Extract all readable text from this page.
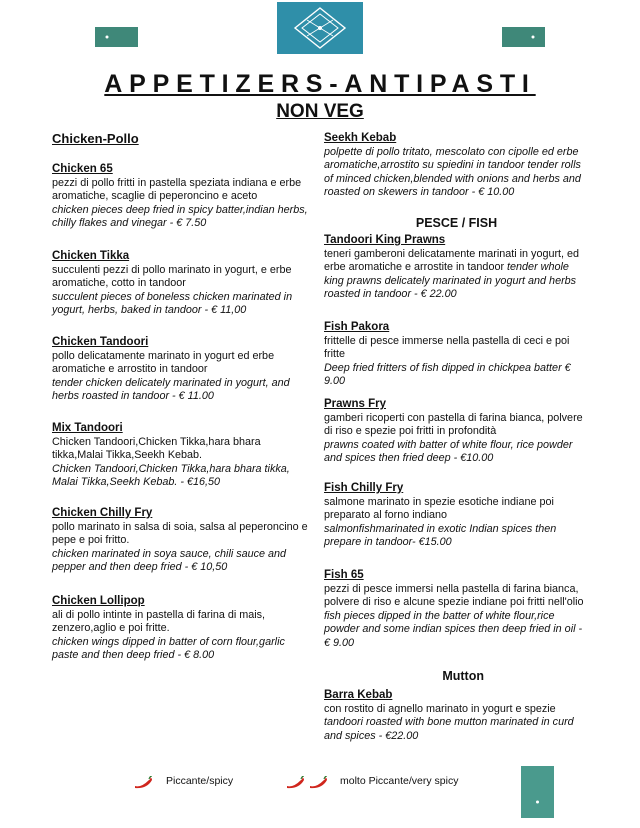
APPETIZERS-ANTIPASTI
NON VEG
Chicken-Pollo
Chicken 65
pezzi di pollo fritti in pastella speziata indiana e erbe aromatiche, scaglie di peperoncino e aceto
chicken pieces deep fried in spicy batter,indian herbs, chilly flakes and vinegar - € 7.50
Chicken Tikka
succulenti pezzi di pollo marinato in yogurt, e erbe aromatiche, cotto in tandoor
succulent pieces of boneless chicken marinated in yogurt, herbs, baked in tandoor - € 11,00
Chicken Tandoori
pollo delicatamente marinato in yogurt ed erbe aromatiche e arrostito in tandoor
tender chicken delicately marinated in yogurt, and herbs roasted in tandoor - € 11.00
Mix Tandoori
Chicken Tandoori,Chicken Tikka,hara bhara tikka,Malai Tikka,Seekh Kebab.
Chicken Tandoori,Chicken Tikka,hara bhara tikka, Malai Tikka,Seekh Kebab. - €16,50
Chicken Chilly Fry
pollo marinato in salsa di soia, salsa al peperoncino e pepe e poi fritto.
chicken marinated in soya sauce, chili sauce and pepper and then deep fried - € 10,50
Chicken Lollipop
ali di pollo intinte in pastella di farina di mais, zenzero,aglio e poi fritte.
chicken wings dipped in batter of corn flour,garlic paste and then deep fried - € 8.00
Seekh Kebab
polpette di pollo tritato, mescolato con cipolle ed erbe aromatiche,arrostito su spiedini in tandoor tender rolls of minced chicken,blended with onions and herbs and roasted on skewers in tandoor - € 10.00
PESCE / FISH
Tandoori King Prawns
teneri gamberoni delicatamente marinati in yogurt, ed erbe aromatiche e arrostite in tandoor tender whole king prawns delicately marinated in yogurt and herbs roasted in tandoor - € 22.00
Fish Pakora
frittelle di pesce immerse nella pastella di ceci e poi fritte
Deep fried fritters of fish dipped in chickpea batter € 9.00
Prawns Fry
gamberi ricoperti con pastella di farina bianca, polvere di riso e spezie poi fritti in profondità
prawns coated with batter of white flour, rice powder and spices then fried deep - €10.00
Fish Chilly Fry
salmone marinato in spezie esotiche indiane poi preparato al forno indiano
salmonfishmarinated in exotic Indian spices then prepare in tandoor- €15.00
Fish 65
pezzi di pesce immersi nella pastella di farina bianca, polvere di riso e alcune spezie indiane poi fritti nell'olio
fish pieces dipped in the batter of white flour,rice powder and some indian spices then deep fried in oil - € 9.00
Mutton
Barra Kebab
con rostito di agnello marinato in yogurt e spezie
tandoori roasted with bone mutton marinated in curd and spices - €22.00
Piccante/spicy	molto Piccante/very spicy
